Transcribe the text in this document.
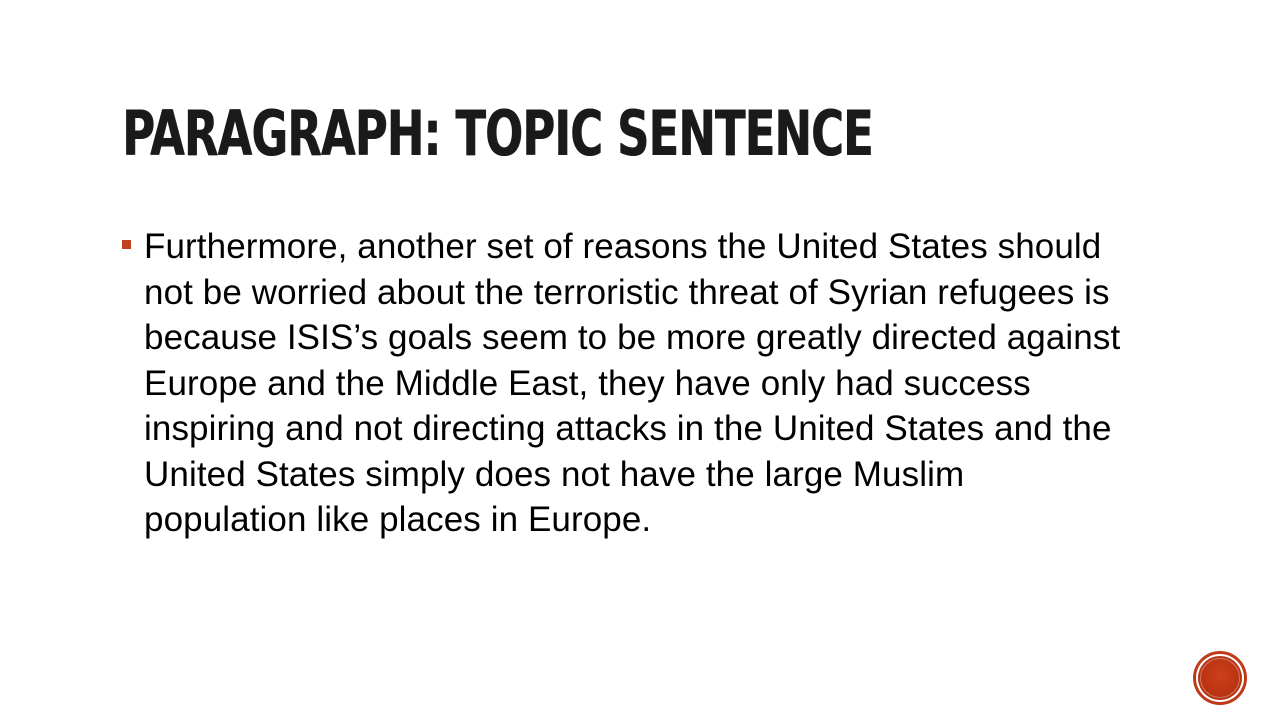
PARAGRAPH: TOPIC SENTENCE
Furthermore, another set of reasons the United States should not be worried about the terroristic threat of Syrian refugees is because ISIS’s goals seem to be more greatly directed against Europe and the Middle East, they have only had success inspiring and not directing attacks in the United States and the United States simply does not have the large Muslim population like places in Europe.
